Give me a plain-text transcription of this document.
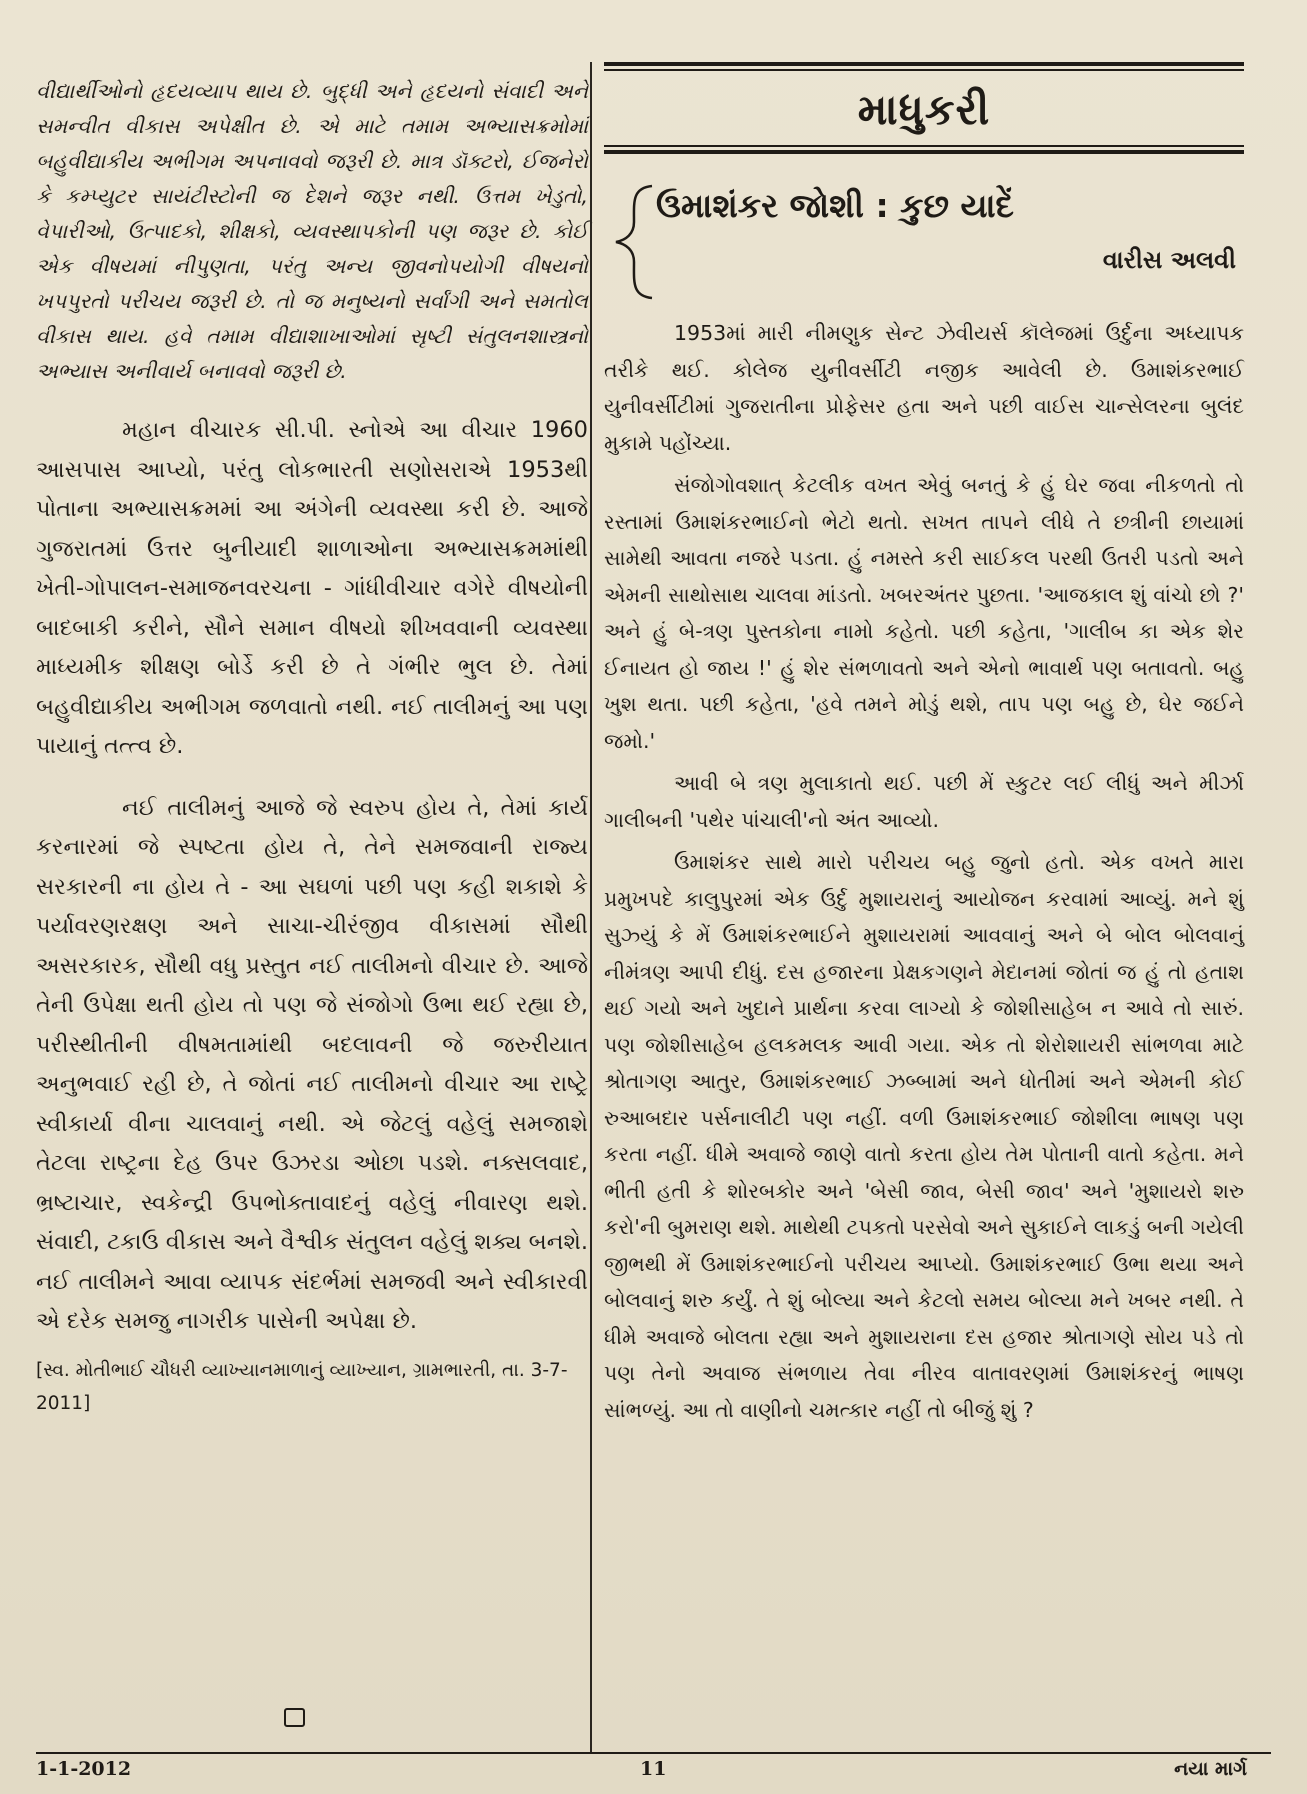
વીદ્યાર્થીઓનો હૃદયવ્યાપ થાય છે. બુદ્ધી અને હૃદયનો સંવાદી અને સમન્વીત વીકાસ અપેક્ષીત છે. એ માટે તમામ અભ્યાસક્રમોમાં બહુવીદ્યાકીય અભીગમ અપનાવવો જરૂરી છે. માત્ર ડૉક્ટરો, ઈજનેરો કે કમ્પ્યુટર સાયંટીસ્ટોની જ દેશને જરૂર નથી. ઉત્તમ ખેડુતો, વેપારીઓ, ઉત્પાદકો, શીક્ષકો, વ્યવસ્થાપકોની પણ જરૂર છે. કોઈ એક વીષયમાં નીપુણતા, પરંતુ અન્ય જીવનોપયોગી વીષયનો ખપપુરતો પરીચય જરૂરી છે. તો જ મનુષ્યનો સર્વાંગી અને સમતોલ વીકાસ થાય. હવે તમામ વીદ્યાશાખાઓમાં સૃષ્ટી સંતુલનશાસ્ત્રનો અભ્યાસ અનીવાર્ય બનાવવો જરૂરી છે.

મહાન વીચારક સી.પી. સ્નોએ આ વીચાર 1960 આસપાસ આપ્યો, પરંતુ લોકભારતી સણોસરાએ 1953થી પોતાના અભ્યાસક્રમમાં આ અંગેની વ્યવસ્થા કરી છે. આજે ગુજરાતમાં ઉત્તર બુનીયાદી શાળાઓના અભ્યાસક્રમમાંથી ખેતી-ગોપાલન-સમાજનવરચના - ગાંધીવીચાર વગેરે વીષયોની બાદબાકી કરીને, સૌને સમાન વીષયો શીખવવાની વ્યવસ્થા માધ્યમીક શીક્ષણ બોર્ડે કરી છે તે ગંભીર ભુલ છે. તેમાં બહુવીદ્યાકીય અભીગમ જળવાતો નથી. નઈ તાલીમનું આ પણ પાયાનું તત્ત્વ છે.

નઈ તાલીમનું આજે જે સ્વરુપ હોય તે, તેમાં કાર્ય કરનારમાં જે સ્પષ્ટતા હોય તે, તેને સમજવાની રાજ્ય સરકારની ના હોય તે - આ સઘળાં પછી પણ કહી શકાશે કે પર્યાવરણરક્ષણ અને સાચા-ચીરંજીવ વીકાસમાં સૌથી અસરકારક, સૌથી વધુ પ્રસ્તુત નઈ તાલીમનો વીચાર છે. આજે તેની ઉપેક્ષા થતી હોય તો પણ જે સંજોગો ઉભા થઈ રહ્યા છે, પરીસ્થીતીની વીષમતામાંથી બદલાવની જે જરુરીયાત અનુભવાઈ રહી છે, તે જોતાં નઈ તાલીમનો વીચાર આ રાષ્ટ્રે સ્વીકાર્યા વીના ચાલવાનું નથી. એ જેટલું વહેલું સમજાશે તેટલા રાષ્ટ્રના દેહ ઉપર ઉઝરડા ઓછા પડશે. નક્સલવાદ, ભ્રષ્ટાચાર, સ્વકેન્દ્રી ઉપભોક્તાવાદનું વહેલું નીવારણ થશે. સંવાદી, ટકાઉ વીકાસ અને વૈશ્વીક સંતુલન વહેલું શક્ય બનશે. નઈ તાલીમને આવા વ્યાપક સંદર્ભમાં સમજવી અને સ્વીકારવી એ દરેક સમજુ નાગરીક પાસેની અપેક્ષા છે.

[સ્વ. મોતીભાઈ ચૌધરી વ્યાખ્યાનમાળાનું વ્યાખ્યાન, ગ્રામભારતી, તા. 3-7-2011]

માધુકરી
ઉમાશંકર જોશી : કુછ યાદેં
વારીસ અલવી

1953માં મારી નીમણુક સેન્ટ ઝેવીયર્સ કૉલેજમાં ઉર્દુના અધ્યાપક તરીકે થઈ. કોલેજ યુનીવર્સીટી નજીક આવેલી છે. ઉમાશંકરભાઈ યુનીવર્સીટીમાં ગુજરાતીના પ્રોફેસર હતા અને પછી વાઈસ ચાન્સેલરના બુલંદ મુકામે પહોંચ્યા.

સંજોગોવશાત્ કેટલીક વખત એવું બનતું કે હું ઘેર જવા નીકળતો તો રસ્તામાં ઉમાશંકરભાઈનો ભેટો થતો. સખત તાપને લીધે તે છત્રીની છાયામાં સામેથી આવતા નજરે પડતા. હું નમસ્તે કરી સાઈકલ પરથી ઉતરી પડતો અને એમની સાથોસાથ ચાલવા માંડતો. ખબરઅંતર પુછતા. 'આજકાલ શું વાંચો છો ?' અને હું બે-ત્રણ પુસ્તકોના નામો કહેતો. પછી કહેતા, 'ગાલીબ કા એક શેર ઈનાયત હો જાય !' હું શેર સંભળાવતો અને એનો ભાવાર્થ પણ બતાવતો. બહુ ખુશ થતા. પછી કહેતા, 'હવે તમને મોડું થશે, તાપ પણ બહુ છે, ઘેર જઈને જમો.'

આવી બે ત્રણ મુલાકાતો થઈ. પછી મેં સ્કુટર લઈ લીધું અને મીર્ઝા ગાલીબની 'પથેર પાંચાલી'નો અંત આવ્યો.

ઉમાશંકર સાથે મારો પરીચય બહુ જુનો હતો. એક વખતે મારા પ્રમુખપદે કાલુપુરમાં એક ઉર્દુ મુશાયરાનું આયોજન કરવામાં આવ્યું. મને શું સુઝ્યું કે મેં ઉમાશંકરભાઈને મુશાયરામાં આવવાનું અને બે બોલ બોલવાનું નીમંત્રણ આપી દીધું. દસ હજારના પ્રેક્ષકગણને મેદાનમાં જોતાં જ હું તો હતાશ થઈ ગયો અને ખુદાને પ્રાર્થના કરવા લાગ્યો કે જોશીસાહેબ ન આવે તો સારું. પણ જોશીસાહેબ હલકમલક આવી ગયા. એક તો શેરોશાયરી સાંભળવા માટે શ્રોતાગણ આતુર, ઉમાશંકરભાઈ ઝબ્બામાં અને ધોતીમાં અને એમની કોઈ રુઆબદાર પર્સનાલીટી પણ નહીં. વળી ઉમાશંકરભાઈ જોશીલા ભાષણ પણ કરતા નહીં. ધીમે અવાજે જાણે વાતો કરતા હોય તેમ પોતાની વાતો કહેતા. મને ભીતી હતી કે શોરબકોર અને 'બેસી જાવ, બેસી જાવ' અને 'મુશાયરો શરુ કરો'ની બુમરાણ થશે. માથેથી ટપકતો પરસેવો અને સુકાઈને લાકડું બની ગયેલી જીભથી મેં ઉમાશંકરભાઈનો પરીચય આપ્યો. ઉમાશંકરભાઈ ઉભા થયા અને બોલવાનું શરુ કર્યું. તે શું બોલ્યા અને કેટલો સમય બોલ્યા મને ખબર નથી. તે ધીમે અવાજે બોલતા રહ્યા અને મુશાયરાના દસ હજાર શ્રોતાગણે સોય પડે તો પણ તેનો અવાજ સંભળાય તેવા નીરવ વાતાવરણમાં ઉમાશંકરનું ભાષણ સાંભળ્યું. આ તો વાણીનો ચમત્કાર નહીં તો બીજું શું ?

1-1-2012	11	નયા માર્ગ
